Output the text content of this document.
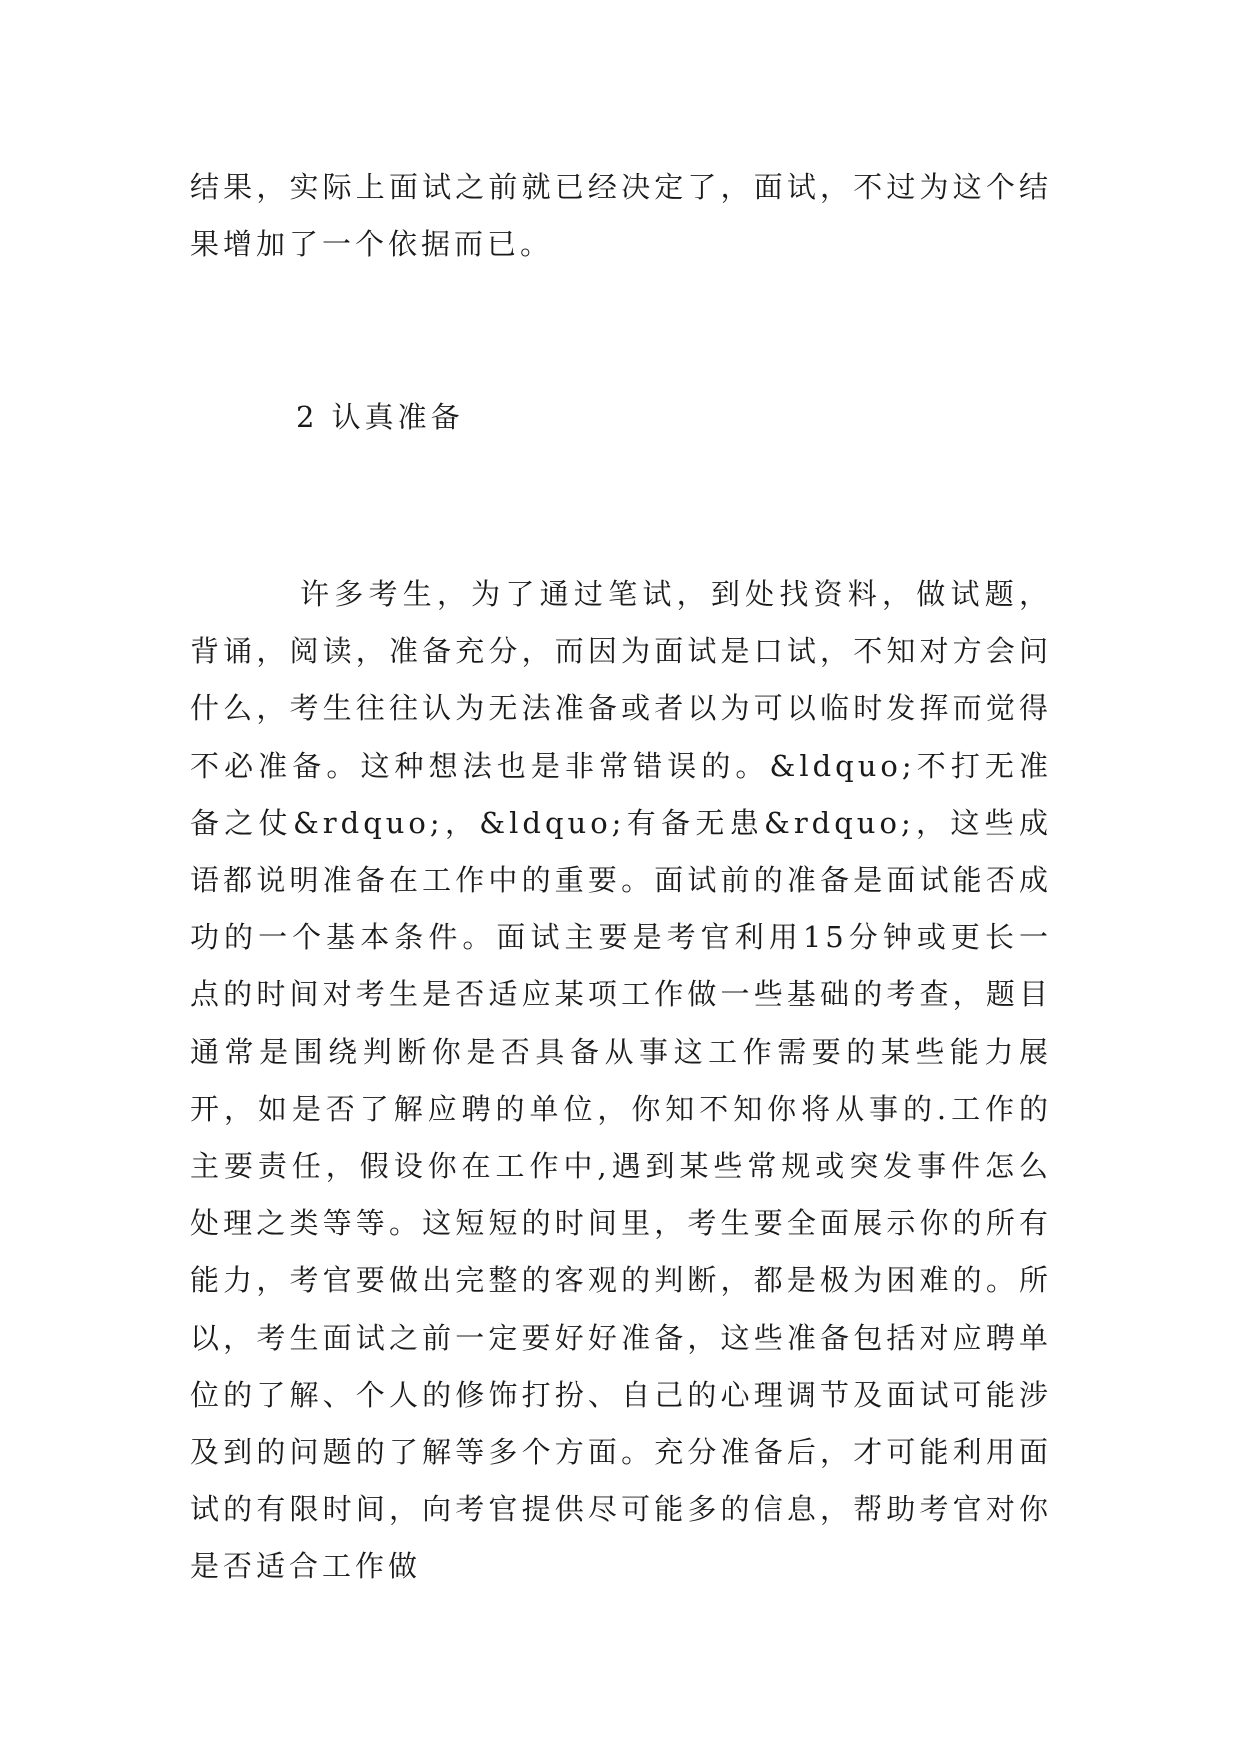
结果，实际上面试之前就已经决定了，面试，不过为这个结果增加了一个依据而已。

2 认真准备

许多考生，为了通过笔试，到处找资料，做试题，背诵，阅读，准备充分，而因为面试是口试，不知对方会问什么，考生往往认为无法准备或者以为可以临时发挥而觉得不必准备。这种想法也是非常错误的。&ldquo;不打无准备之仗&rdquo;，&ldquo;有备无患&rdquo;，这些成语都说明准备在工作中的重要。面试前的准备是面试能否成功的一个基本条件。面试主要是考官利用15分钟或更长一点的时间对考生是否适应某项工作做一些基础的考查，题目通常是围绕判断你是否具备从事这工作需要的某些能力展开，如是否了解应聘的单位，你知不知你将从事的.工作的主要责任，假设你在工作中,遇到某些常规或突发事件怎么处理之类等等。这短短的时间里，考生要全面展示你的所有能力，考官要做出完整的客观的判断，都是极为困难的。所以，考生面试之前一定要好好准备，这些准备包括对应聘单位的了解、个人的修饰打扮、自己的心理调节及面试可能涉及到的问题的了解等多个方面。充分准备后，才可能利用面试的有限时间，向考官提供尽可能多的信息，帮助考官对你是否适合工作做
